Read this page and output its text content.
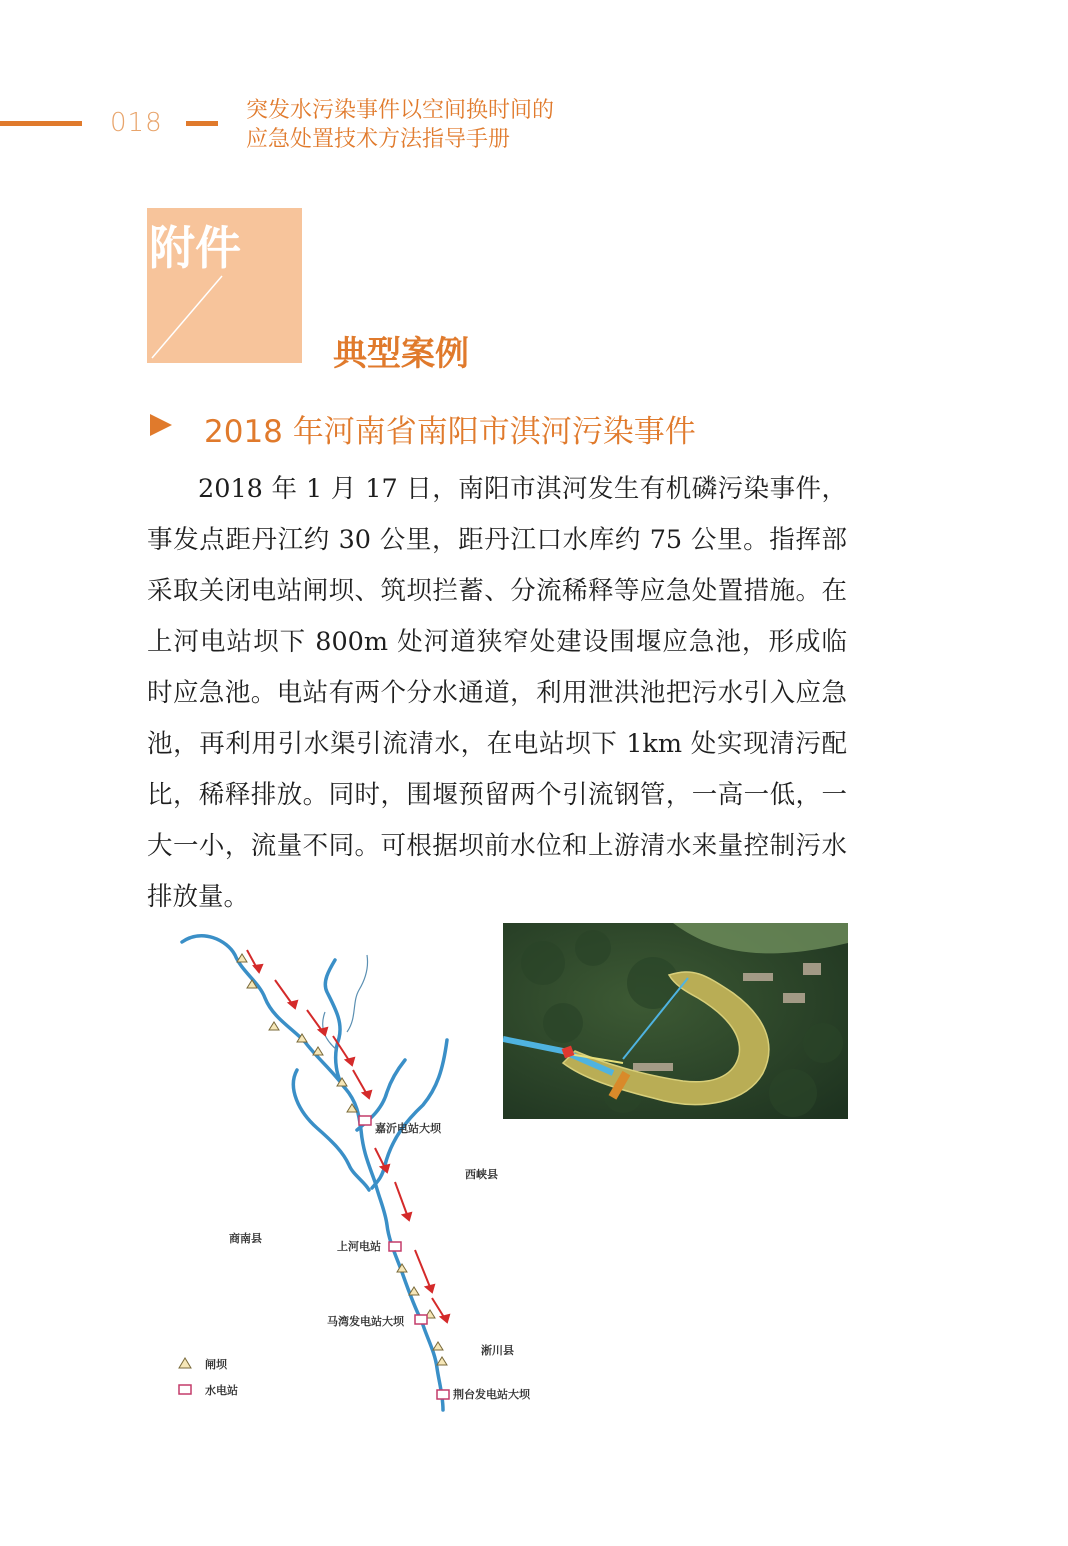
018	突发水污染事件以空间换时间的
应急处置技术方法指导手册
附件
典型案例
2018 年河南省南阳市淇河污染事件

2018 年 1 月 17 日，南阳市淇河发生有机磷污染事件，事发点距丹江约 30 公里，距丹江口水库约 75 公里。指挥部采取关闭电站闸坝、筑坝拦蓄、分流稀释等应急处置措施。在上河电站坝下 800m 处河道狭窄处建设围堰应急池，形成临时应急池。电站有两个分水通道，利用泄洪池把污水引入应急池，再利用引水渠引流清水，在电站坝下 1km 处实现清污配比，稀释排放。同时，围堰预留两个引流钢管，一高一低，一大一小，流量不同。可根据坝前水位和上游清水来量控制污水排放量。

嘉沂电站大坝
西峡县
商南县
上河电站
马湾发电站大坝
淅川县
荆台发电站大坝
闸坝
水电站
